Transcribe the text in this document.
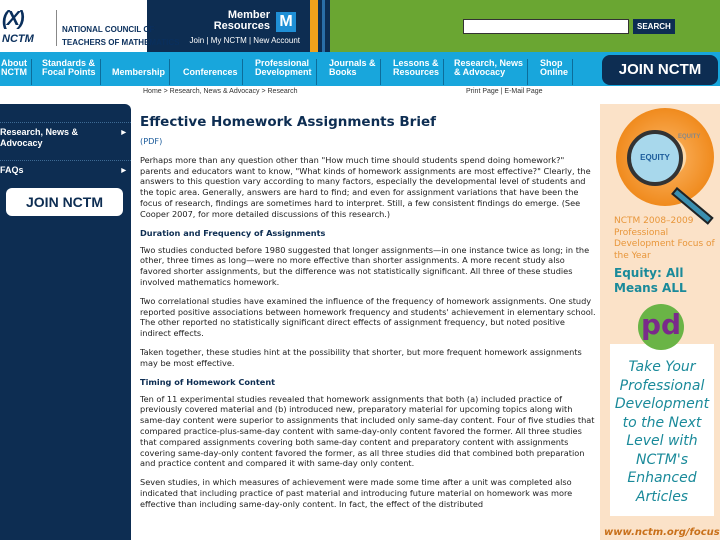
(X)
NCTM
NATIONAL COUNCIL OF
TEACHERS OF MATHEMATICS
Member
Resources M
Join | My NCTM | New Account
SEARCH
About
NCTM
Standards &
Focal Points Membership Conferences
Professional
Development
Journals &
Books
Lessons &
Resources
Research, News
& Advocacy
Shop
Online	JOIN NCTM
Home > Research, News & Advocacy > Research	Print Page | E-Mail Page
Research, News & Advocacy
▶
FAQs	▶
JOIN NCTM
Effective Homework Assignments Brief
(PDF)

Perhaps more than any question other than "How much time should students spend doing homework?" parents and educators want to know, "What kinds of homework assignments are most effective?" Clearly, the answers to this question vary according to many factors, especially the developmental level of students and the topic area. Generally, answers are hard to find; and even for assignment variations that have been the focus of research, findings are sometimes hard to interpret. Still, a few consistent findings do emerge. (See Cooper 2007, for more detailed discussions of this research.)

Duration and Frequency of Assignments

Two studies conducted before 1980 suggested that longer assignments—in one instance twice as long; in the other, three times as long—were no more effective than shorter assignments. A more recent study also favored shorter assignments, but the difference was not statistically significant. All three of these studies involved mathematics homework.

Two correlational studies have examined the influence of the frequency of homework assignments. One study reported positive associations between homework frequency and students' achievement in elementary school. The other reported no statistically significant direct effects of assignment frequency, but noted positive indirect effects.

Taken together, these studies hint at the possibility that shorter, but more frequent homework assignments may be most effective.

Timing of Homework Content

Ten of 11 experimental studies revealed that homework assignments that both (a) included practice of previously covered material and (b) introduced new, preparatory material for upcoming topics along with same-day content were superior to assignments that included only same-day content. Four of five studies that compared practice-plus-same-day content with same-day-only content favored the former. All three studies that compared assignments covering both same-day content and preparatory content with assignments covering same-day-only content favored the former, as all three studies did that combined both preparation and practice content and compared it with same-day only content.

Seven studies, in which measures of achievement were made some time after a unit was completed also indicated that including practice of past material and introducing future material on homework was more effective than including same-day-only content. In fact, the effect of the distributed

EQUITY
EQUITY
NCTM 2008–2009 Professional Development Focus of the Year
Equity: All Means ALL
pd
Take Your Professional Development to the Next Level with NCTM's Enhanced Articles
www.nctm.org/focus
